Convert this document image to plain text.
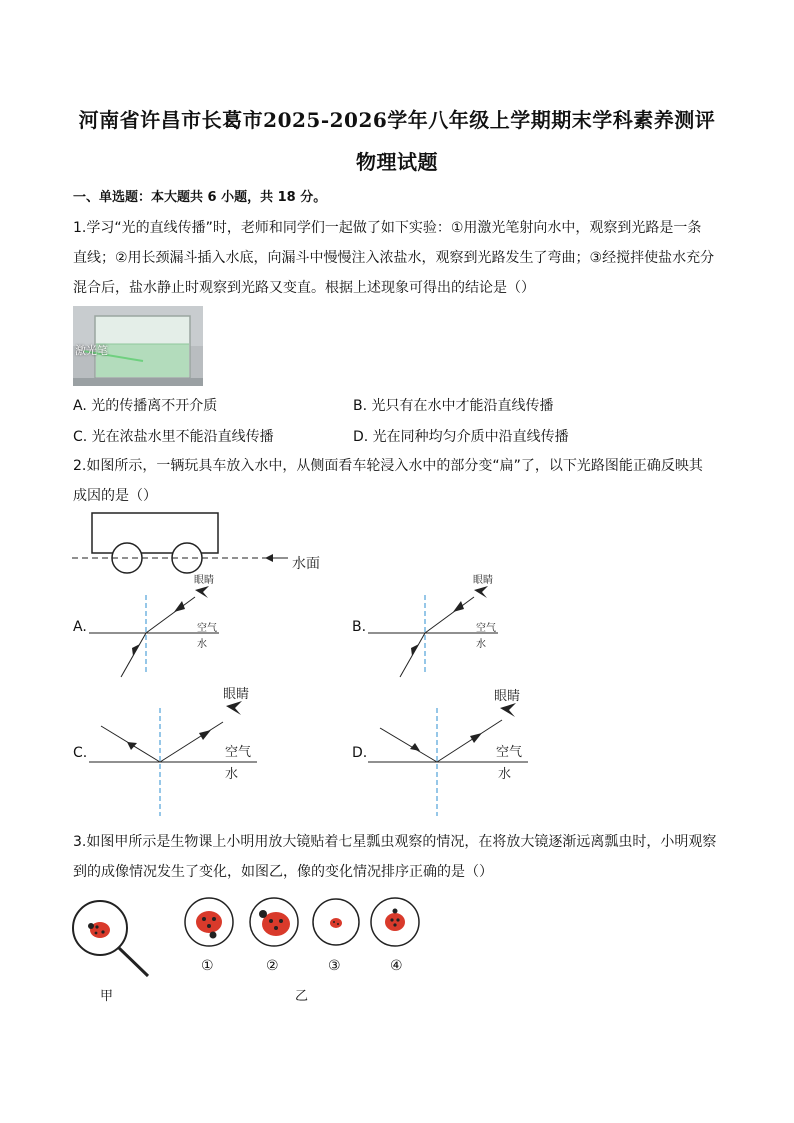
河南省许昌市长葛市2025-2026学年八年级上学期期末学科素养测评
物理试题
一、单选题：本大题共 6 小题，共 18 分。
1.学习“光的直线传播”时，老师和同学们一起做了如下实验：①用激光笔射向水中，观察到光路是一条
直线；②用长颈漏斗插入水底，向漏斗中慢慢注入浓盐水，观察到光路发生了弯曲；③经搅拌使盐水充分
混合后，盐水静止时观察到光路又变直。根据上述现象可得出的结论是（）
激光笔
A. 光的传播离不开介质	B. 光只有在水中才能沿直线传播
C. 光在浓盐水里不能沿直线传播	D. 光在同种均匀介质中沿直线传播
2.如图所示，一辆玩具车放入水中，从侧面看车轮浸入水中的部分变“扁”了，以下光路图能正确反映其
成因的是（）
水面
A.
眼睛
空气
水
B.
眼睛
空气
水
C.
眼睛
空气
水
D.
眼睛
空气
水
3.如图甲所示是生物课上小明用放大镜贴着七星瓢虫观察的情况，在将放大镜逐渐远离瓢虫时，小明观察
到的成像情况发生了变化，如图乙，像的变化情况排序正确的是（）
甲
①	②	③	④
乙
